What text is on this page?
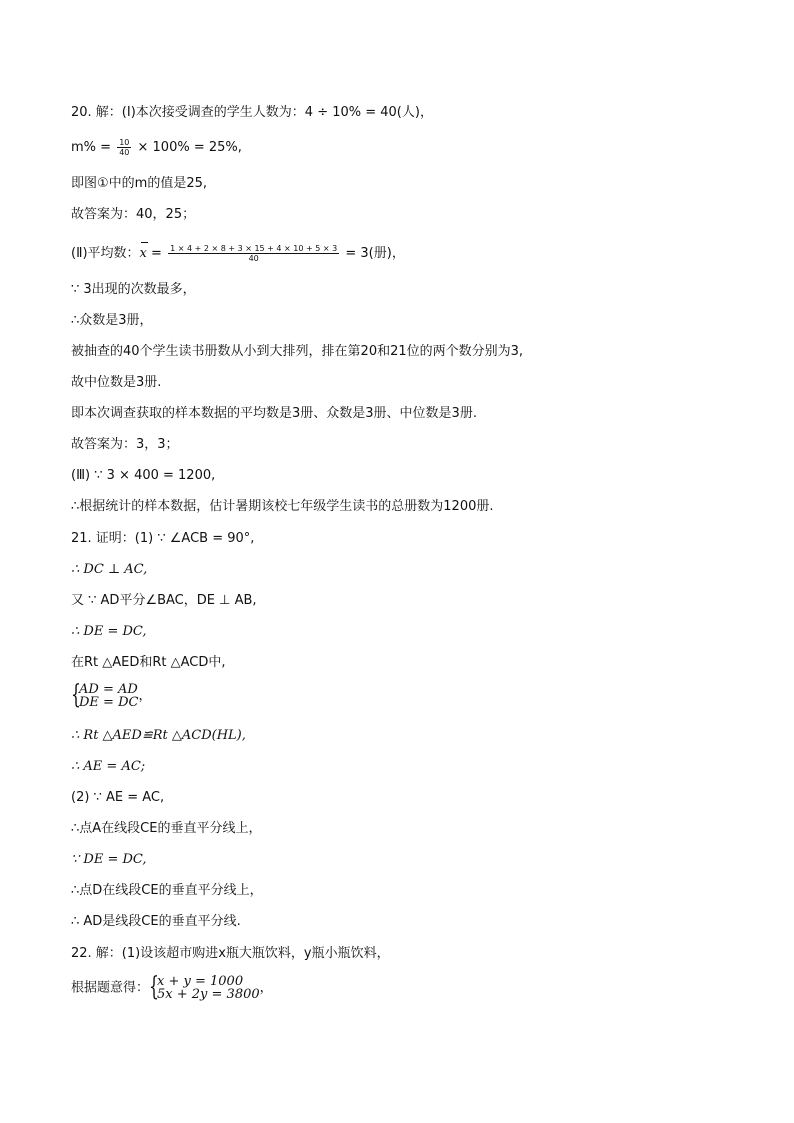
20. 解：(Ⅰ)本次接受调查的学生人数为：4 ÷ 10% = 40(人)，
$m\% = \frac{10}{40} \times 100\% = 25\%$,
即图①中的m的值是25,
故答案为：40，25；
(Ⅱ)平均数：$x = \frac{1 \times 4 + 2 \times 8 + 3 \times 15 + 4 \times 10 + 5 \times 3}{40} = 3$(册)，
∵ 3出现的次数最多，
∴众数是3册，
被抽查的40个学生读书册数从小到大排列，排在第20和21位的两个数分别为3,
故中位数是3册.
即本次调查获取的样本数据的平均数是3册、众数是3册、中位数是3册.
故答案为：3，3；
(Ⅲ) ∵ 3 × 400 = 1200,
∴根据统计的样本数据，估计暑期该校七年级学生读书的总册数为1200册.
21. 证明：(1) ∵ ∠ACB = 90°,
∴ DC ⊥ AC,
又 ∵ AD平分∠BAC，DE ⊥ AB,
∴ DE = DC,
在Rt △AED和Rt △ACD中,
{ AD = AD
DE = DC ，
∴ Rt △AED≌Rt △ACD(HL),
∴ AE = AC;
(2) ∵ AE = AC,
∴点A在线段CE的垂直平分线上，
∵ DE = DC,
∴点D在线段CE的垂直平分线上，
∴ AD是线段CE的垂直平分线.
22. 解：(1)设该超市购进x瓶大瓶饮料，y瓶小瓶饮料，
根据题意得：
{ x + y = 1000
5x + 2y = 3800 ，
